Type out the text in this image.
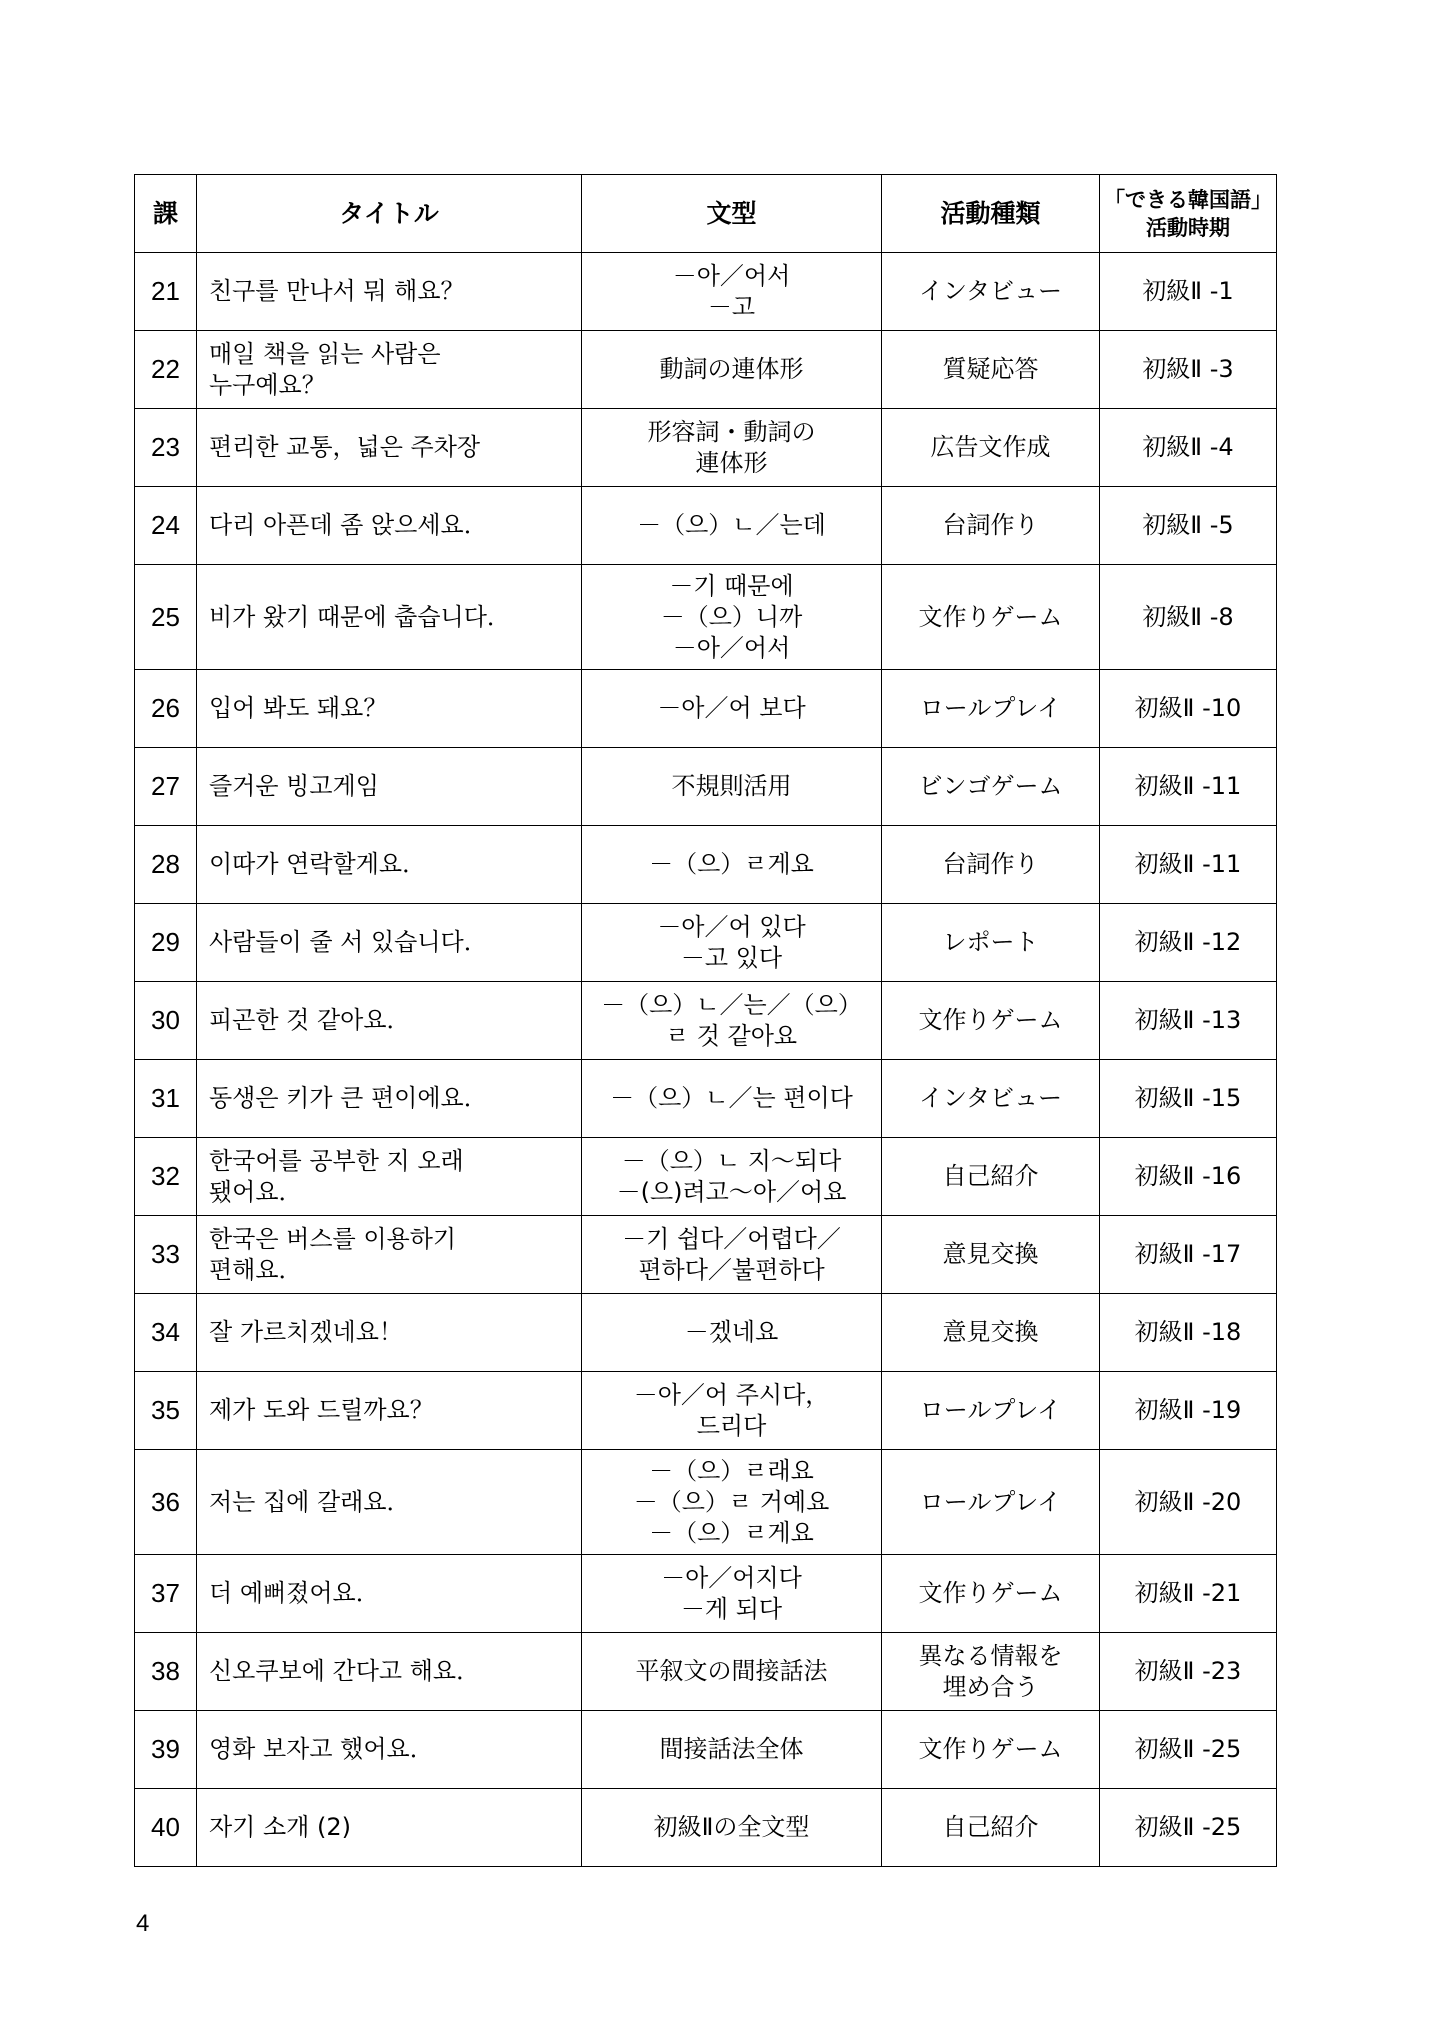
課	タイトル	文型	活動種類	「できる韓国語」
活動時期

21	친구를 만나서 뭐 해요？	－아／어서
－고	インタビュー	初級Ⅱ -1
22	매일 책을 읽는 사람은
누구예요？	動詞の連体形	質疑応答	初級Ⅱ -3
23	편리한 교통，넓은 주차장	形容詞・動詞の
連体形	広告文作成	初級Ⅱ -4
24	다리 아픈데 좀 앉으세요．	－（으）ㄴ／는데	台詞作り	初級Ⅱ -5
25	비가 왔기 때문에 춥습니다．	－기 때문에
－（으）니까
－아／어서	文作りゲーム	初級Ⅱ -8
26	입어 봐도 돼요？	－아／어 보다	ロールプレイ	初級Ⅱ -10
27	즐거운 빙고게임	不規則活用	ビンゴゲーム	初級Ⅱ -11
28	이따가 연락할게요．	－（으）ㄹ게요	台詞作り	初級Ⅱ -11
29	사람들이 줄 서 있습니다．	－아／어 있다
－고 있다	レポート	初級Ⅱ -12
30	피곤한 것 같아요．	－（으）ㄴ／는／（으）
ㄹ 것 같아요	文作りゲーム	初級Ⅱ -13
31	동생은 키가 큰 편이에요．	－（으）ㄴ／는 편이다	インタビュー	初級Ⅱ -15
32	한국어를 공부한 지 오래
됐어요．	－（으）ㄴ 지～되다
－(으)려고～아／어요	自己紹介	初級Ⅱ -16
33	한국은 버스를 이용하기
편해요．	－기 쉽다／어렵다／
편하다／불편하다	意見交換	初級Ⅱ -17
34	잘 가르치겠네요！	－겠네요	意見交換	初級Ⅱ -18
35	제가 도와 드릴까요？	－아／어 주시다，
드리다	ロールプレイ	初級Ⅱ -19
36	저는 집에 갈래요．	－（으）ㄹ래요
－（으）ㄹ 거예요
－（으）ㄹ게요	ロールプレイ	初級Ⅱ -20
37	더 예뻐졌어요．	－아／어지다
－게 되다	文作りゲーム	初級Ⅱ -21
38	신오쿠보에 간다고 해요．	平叙文の間接話法	異なる情報を
埋め合う	初級Ⅱ -23
39	영화 보자고 했어요．	間接話法全体	文作りゲーム	初級Ⅱ -25
40	자기 소개 (2)	初級Ⅱの全文型	自己紹介	初級Ⅱ -25
4
